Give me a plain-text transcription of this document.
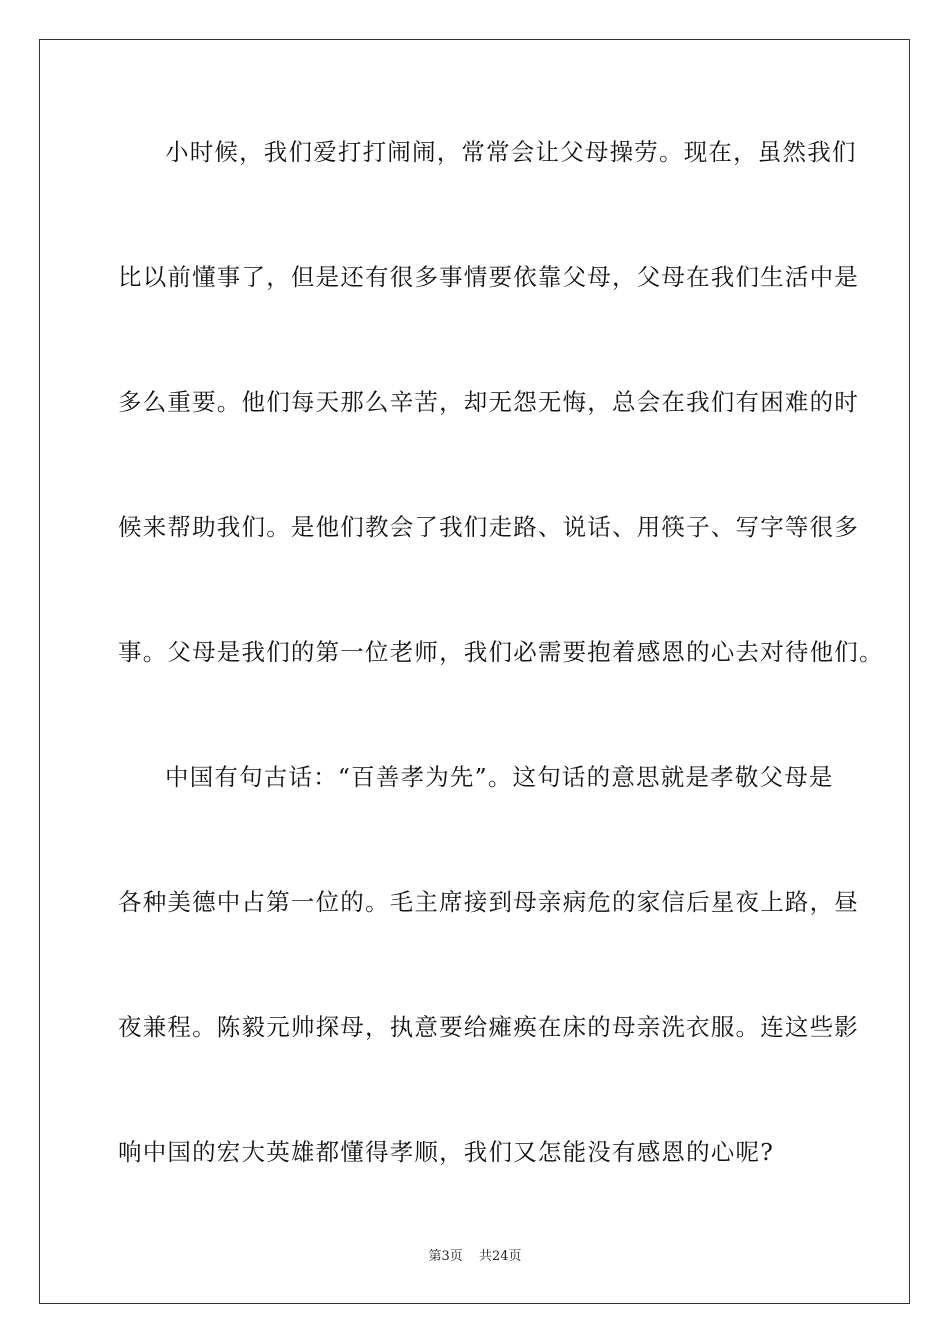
小时候，我们爱打打闹闹，常常会让父母操劳。现在，虽然我们
比以前懂事了，但是还有很多事情要依靠父母，父母在我们生活中是
多么重要。他们每天那么辛苦，却无怨无悔，总会在我们有困难的时
候来帮助我们。是他们教会了我们走路、说话、用筷子、写字等很多
事。父母是我们的第一位老师，我们必需要抱着感恩的心去对待他们。
中国有句古话：“百善孝为先”。这句话的意思就是孝敬父母是
各种美德中占第一位的。毛主席接到母亲病危的家信后星夜上路，昼
夜兼程。陈毅元帅探母，执意要给瘫痪在床的母亲洗衣服。连这些影
响中国的宏大英雄都懂得孝顺，我们又怎能没有感恩的心呢?
第3页 共24页
